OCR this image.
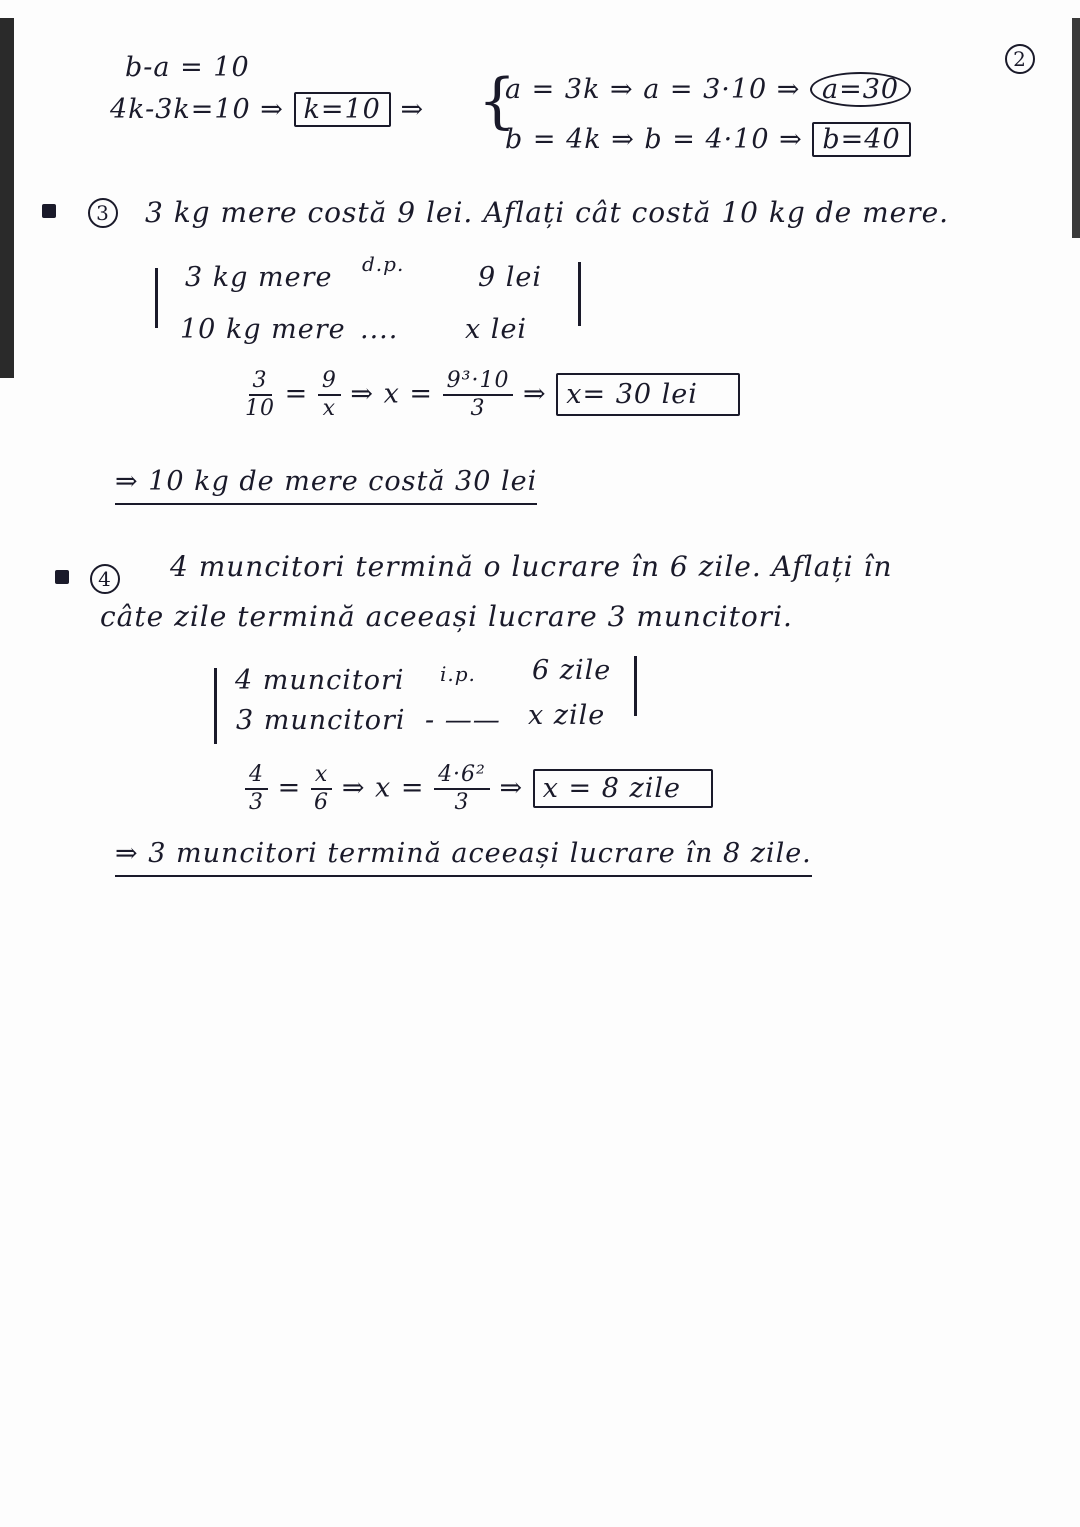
2
b-a = 10
4k-3k=10 ⇒ k=10 ⇒ {
a = 3k ⇒ a = 3·10 ⇒ a=30
b = 4k ⇒ b = 4·10 ⇒ b=40
3 3 kg mere costă 9 lei. Aflați cât costă 10 kg de mere.
3 kg mere d.p.	9 lei
10 kg mere .... x lei
$\frac{3}{10} = \frac{9}{x}$ ⇒ $x = \frac{\text{9³·10}}{3}$ ⇒ x= 30 lei
⇒ 10 kg de mere costă 30 lei
4 4 muncitori termină o lucrare în 6 zile. Aflați în
câte zile termină aceeași lucrare 3 muncitori.
4 muncitori i.p. 6 zile
3 muncitori - —— x zile
$\frac{4}{3} = \frac{x}{6}$ ⇒ $x = \frac{\text{4·6²}}{3}$ ⇒ x = 8 zile
⇒ 3 muncitori termină aceeași lucrare în 8 zile.
